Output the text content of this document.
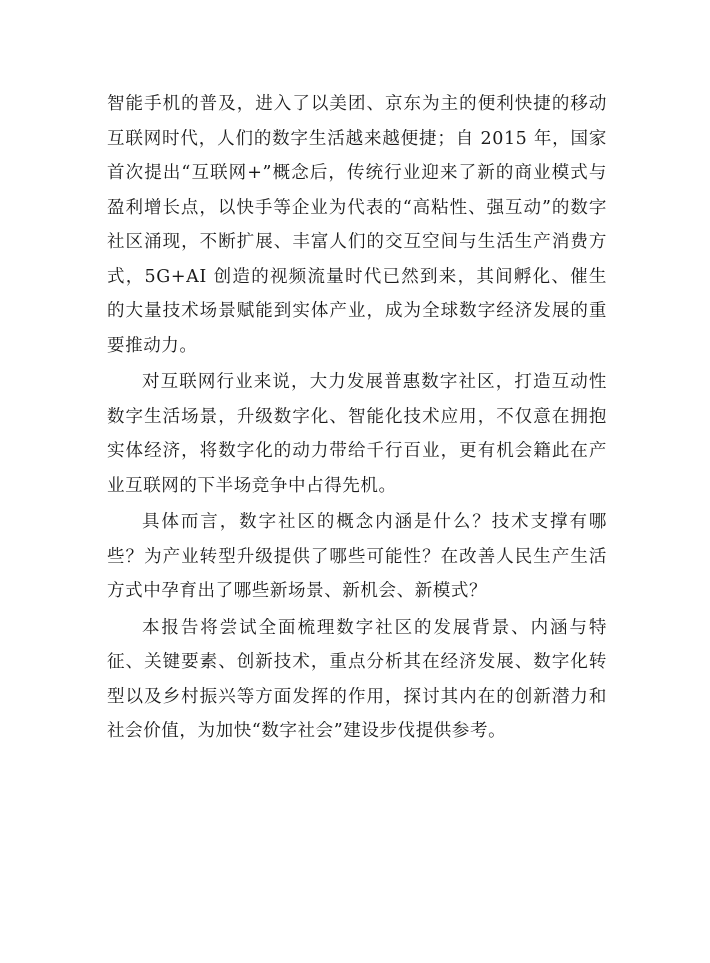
智能手机的普及，进入了以美团、京东为主的便利快捷的移动互联网时代，人们的数字生活越来越便捷；自 2015 年，国家首次提出“互联网+”概念后，传统行业迎来了新的商业模式与盈利增长点，以快手等企业为代表的“高粘性、强互动”的数字社区涌现，不断扩展、丰富人们的交互空间与生活生产消费方式，5G+AI 创造的视频流量时代已然到来，其间孵化、催生的大量技术场景赋能到实体产业，成为全球数字经济发展的重要推动力。

对互联网行业来说，大力发展普惠数字社区，打造互动性数字生活场景，升级数字化、智能化技术应用，不仅意在拥抱实体经济，将数字化的动力带给千行百业，更有机会籍此在产业互联网的下半场竞争中占得先机。

具体而言，数字社区的概念内涵是什么？技术支撑有哪些？为产业转型升级提供了哪些可能性？在改善人民生产生活方式中孕育出了哪些新场景、新机会、新模式？

本报告将尝试全面梳理数字社区的发展背景、内涵与特征、关键要素、创新技术，重点分析其在经济发展、数字化转型以及乡村振兴等方面发挥的作用，探讨其内在的创新潜力和社会价值，为加快“数字社会”建设步伐提供参考。
